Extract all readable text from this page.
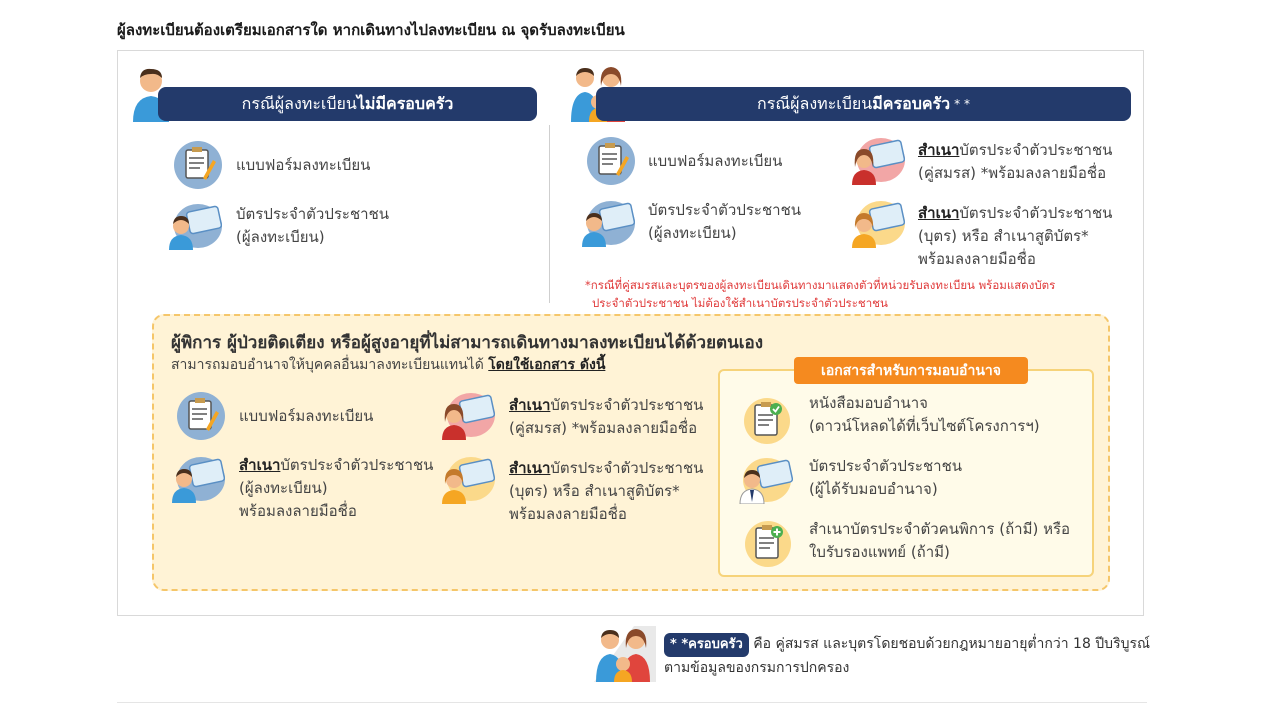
ผู้ลงทะเบียนต้องเตรียมเอกสารใด หากเดินทางไปลงทะเบียน ณ จุดรับลงทะเบียน
กรณีผู้ลงทะเบียน ไม่มีครอบครัว	กรณีผู้ลงทะเบียน มีครอบครัว * *
แบบฟอร์มลงทะเบียน
บัตรประจำตัวประชาชน
(ผู้ลงทะเบียน)
แบบฟอร์มลงทะเบียน
บัตรประจำตัวประชาชน
(ผู้ลงทะเบียน)
สำเนาบัตรประจำตัวประชาชน
(คู่สมรส) *พร้อมลงลายมือชื่อ
สำเนาบัตรประจำตัวประชาชน
(บุตร) หรือ สำเนาสูติบัตร*
พร้อมลงลายมือชื่อ
*กรณีที่คู่สมรสและบุตรของผู้ลงทะเบียนเดินทางมาแสดงตัวที่หน่วยรับลงทะเบียน พร้อมแสดงบัตร
ประจำตัวประชาชน ไม่ต้องใช้สำเนาบัตรประจำตัวประชาชน
ผู้พิการ ผู้ป่วยติดเตียง หรือผู้สูงอายุที่ไม่สามารถเดินทางมาลงทะเบียนได้ด้วยตนเอง
สามารถมอบอำนาจให้บุคคลอื่นมาลงทะเบียนแทนได้ โดยใช้เอกสาร ดังนี้
แบบฟอร์มลงทะเบียน
สำเนาบัตรประจำตัวประชาชน
(ผู้ลงทะเบียน)
พร้อมลงลายมือชื่อ
สำเนาบัตรประจำตัวประชาชน
(คู่สมรส) *พร้อมลงลายมือชื่อ
สำเนาบัตรประจำตัวประชาชน
(บุตร) หรือ สำเนาสูติบัตร*
พร้อมลงลายมือชื่อ
เอกสารสำหรับการมอบอำนาจ
หนังสือมอบอำนาจ
(ดาวน์โหลดได้ที่เว็บไซต์โครงการฯ)
บัตรประจำตัวประชาชน
(ผู้ได้รับมอบอำนาจ)
สำเนาบัตรประจำตัวคนพิการ (ถ้ามี) หรือ
ใบรับรองแพทย์ (ถ้ามี)
* *ครอบครัว คือ คู่สมรส และบุตรโดยชอบด้วยกฎหมายอายุต่ำกว่า 18 ปีบริบูรณ์
ตามข้อมูลของกรมการปกครอง
